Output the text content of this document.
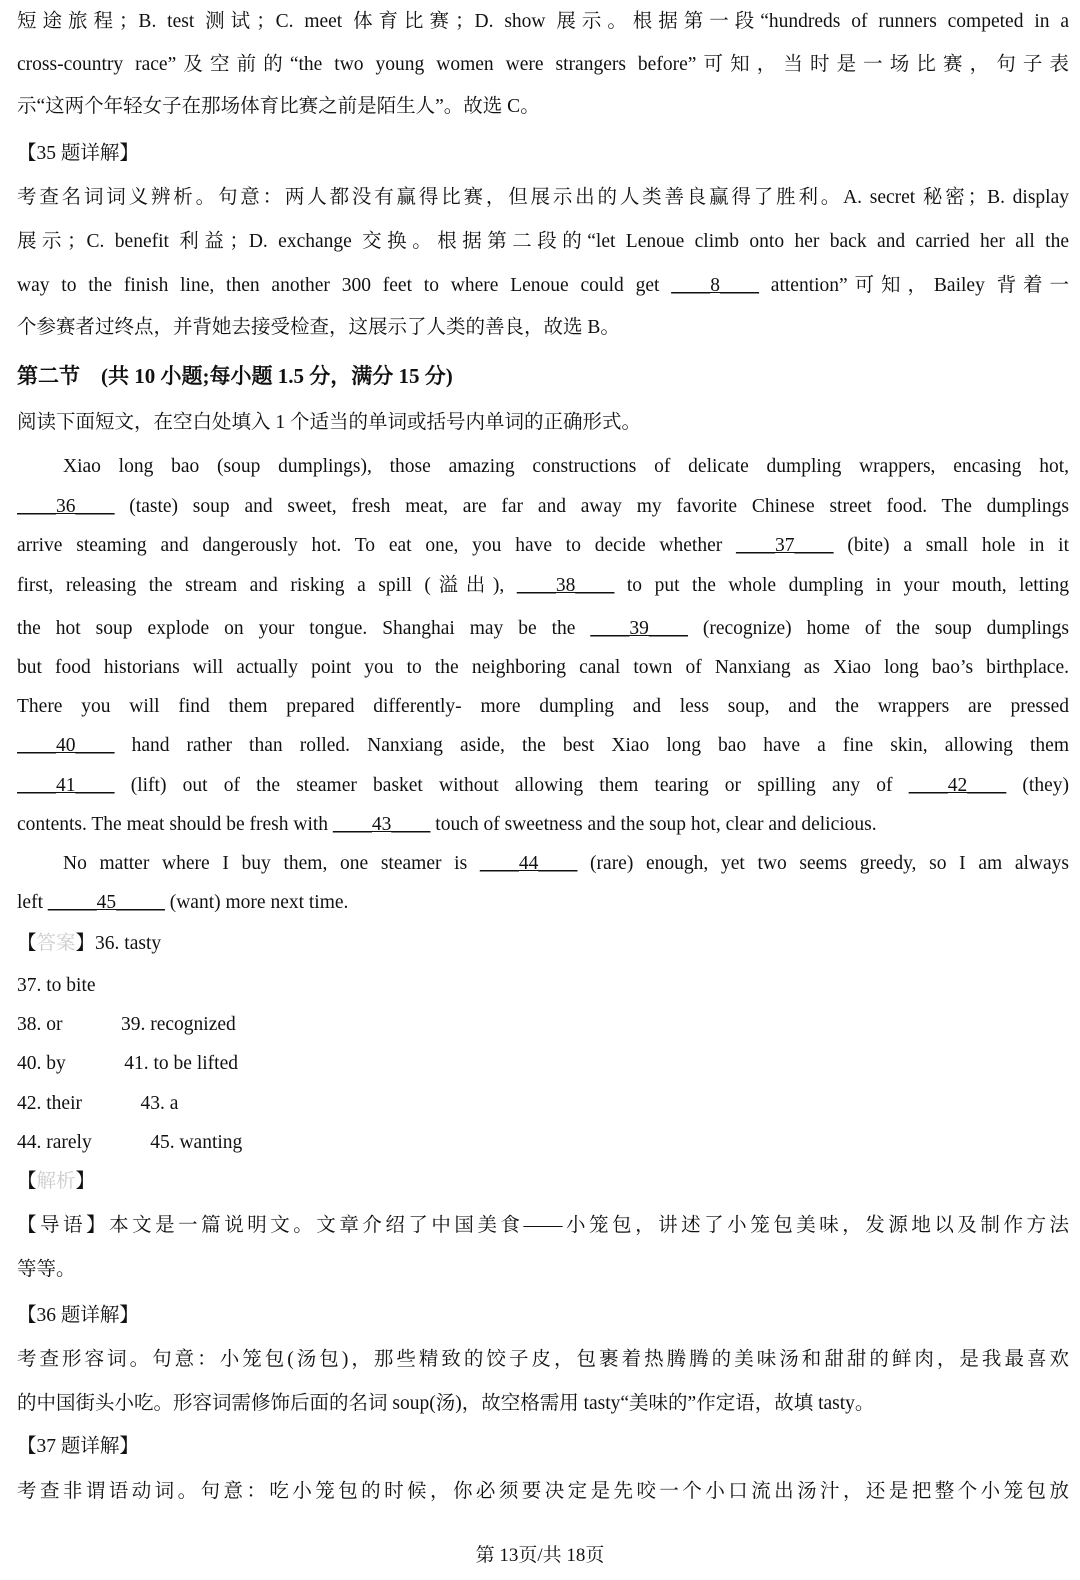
短途旅程；B. test 测试；C. meet 体育比赛；D. show 展示。根据第一段“hundreds of runners competed in a
cross-country race”及空前的“the two young women were strangers before”可知，当时是一场比赛，句子表
示“这两个年轻女子在那场体育比赛之前是陌生人”。故选 C。
【35 题详解】
考查名词词义辨析。句意：两人都没有赢得比赛，但展示出的人类善良赢得了胜利。A. secret 秘密；B. display
展示；C. benefit 利益；D. exchange 交换。根据第二段的“let Lenoue climb onto her back and carried her all the
way to the finish line, then another 300 feet to where Lenoue could get ____8____ attention”可知，Bailey 背着一
个参赛者过终点，并背她去接受检查，这展示了人类的善良，故选 B。
第二节　(共 10 小题;每小题 1.5 分，满分 15 分)
阅读下面短文，在空白处填入 1 个适当的单词或括号内单词的正确形式。
Xiao long bao (soup dumplings), those amazing constructions of delicate dumpling wrappers, encasing hot,
____36____ (taste) soup and sweet, fresh meat, are far and away my favorite Chinese street food. The dumplings
arrive steaming and dangerously hot. To eat one, you have to decide whether ____37____ (bite) a small hole in it
first, releasing the stream and risking a spill (溢出), ____38____ to put the whole dumpling in your mouth, letting
the hot soup explode on your tongue. Shanghai may be the ____39____ (recognize) home of the soup dumplings
but food historians will actually point you to the neighboring canal town of Nanxiang as Xiao long bao’s birthplace.
There you will find them prepared differently- more dumpling and less soup, and the wrappers are pressed
____40____ hand rather than rolled. Nanxiang aside, the best Xiao long bao have a fine skin, allowing them
____41____ (lift) out of the steamer basket without allowing them tearing or spilling any of ____42____ (they)
contents. The meat should be fresh with ____43____ touch of sweetness and the soup hot, clear and delicious.
No matter where I buy them, one steamer is ____44____ (rare) enough, yet two seems greedy, so I am always
left _____45_____ (want) more next time.
【答案】36. tasty
37. to bite
38. or　　　39. recognized
40. by　　　41. to be lifted
42. their　　　43. a
44. rarely　　　45. wanting
【解析】
【导语】本文是一篇说明文。文章介绍了中国美食——小笼包，讲述了小笼包美味，发源地以及制作方法
等等。
【36 题详解】
考查形容词。句意：小笼包(汤包)，那些精致的饺子皮，包裹着热腾腾的美味汤和甜甜的鲜肉，是我最喜欢
的中国街头小吃。形容词需修饰后面的名词 soup(汤)，故空格需用 tasty“美味的”作定语，故填 tasty。
【37 题详解】
考查非谓语动词。句意：吃小笼包的时候，你必须要决定是先咬一个小口流出汤汁，还是把整个小笼包放
第 13页/共 18页
